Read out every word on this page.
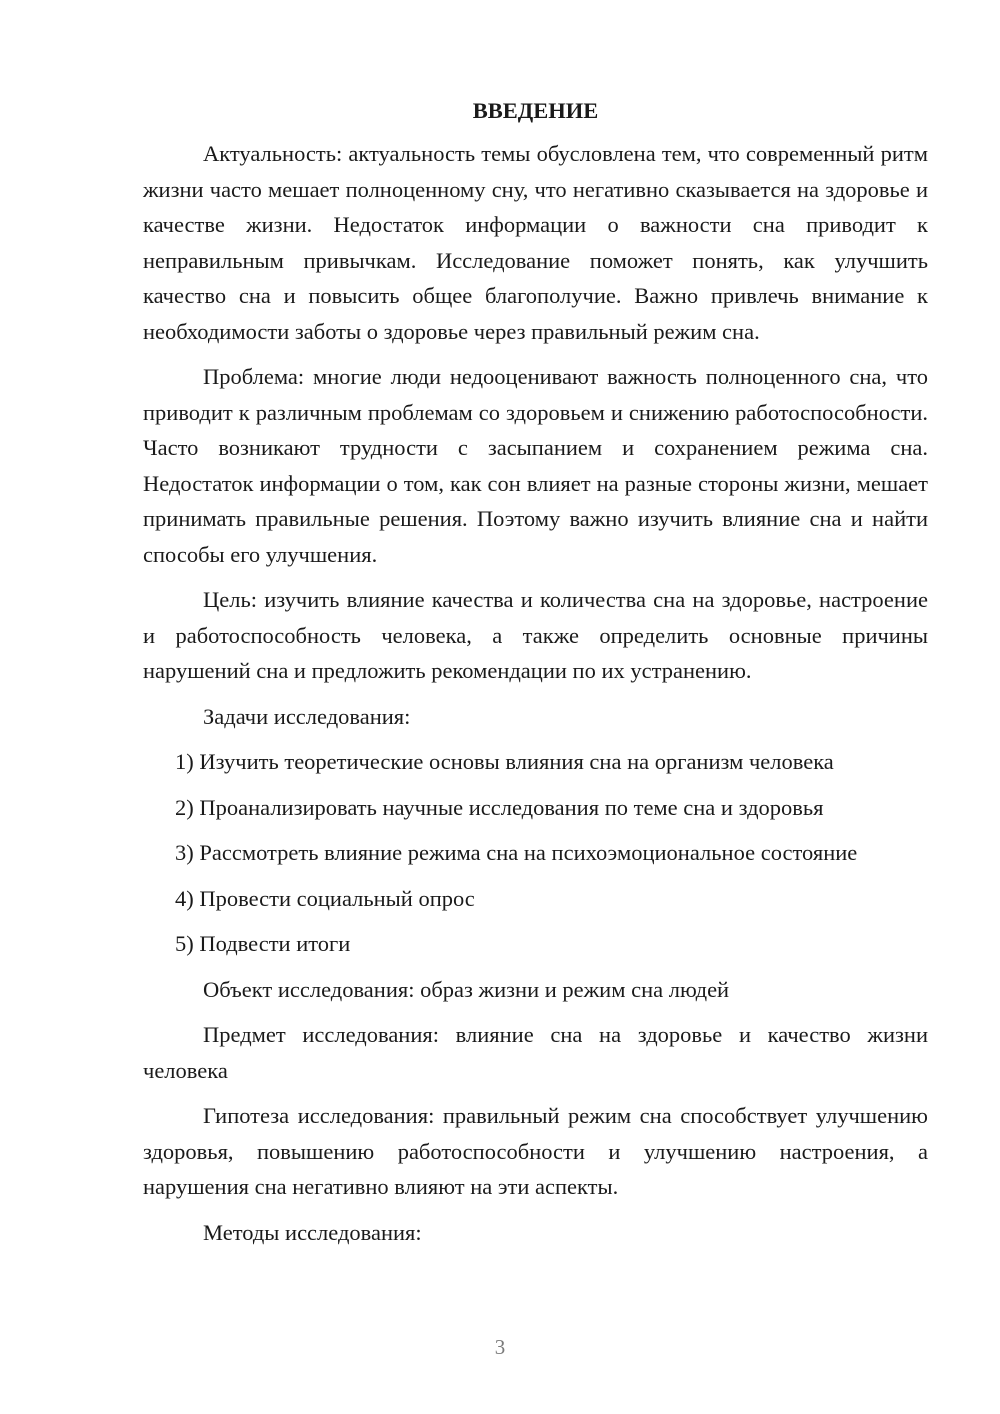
ВВЕДЕНИЕ

Актуальность: актуальность темы обусловлена тем, что современный ритм жизни часто мешает полноценному сну, что негативно сказывается на здоровье и качестве жизни. Недостаток информации о важности сна приводит к неправильным привычкам. Исследование поможет понять, как улучшить качество сна и повысить общее благополучие. Важно привлечь внимание к необходимости заботы о здоровье через правильный режим сна.

Проблема: многие люди недооценивают важность полноценного сна, что приводит к различным проблемам со здоровьем и снижению работоспособности. Часто возникают трудности с засыпанием и сохранением режима сна. Недостаток информации о том, как сон влияет на разные стороны жизни, мешает принимать правильные решения. Поэтому важно изучить влияние сна и найти способы его улучшения.

Цель: изучить влияние качества и количества сна на здоровье, настроение и работоспособность человека, а также определить основные причины нарушений сна и предложить рекомендации по их устранению.

Задачи исследования:

1) Изучить теоретические основы влияния сна на организм человека

2) Проанализировать научные исследования по теме сна и здоровья

3) Рассмотреть влияние режима сна на психоэмоциональное состояние

4) Провести социальный опрос

5) Подвести итоги

Объект исследования: образ жизни и режим сна людей

Предмет исследования: влияние сна на здоровье и качество жизни человека

Гипотеза исследования: правильный режим сна способствует улучшению здоровья, повышению работоспособности и улучшению настроения, а нарушения сна негативно влияют на эти аспекты.

Методы исследования:

3
